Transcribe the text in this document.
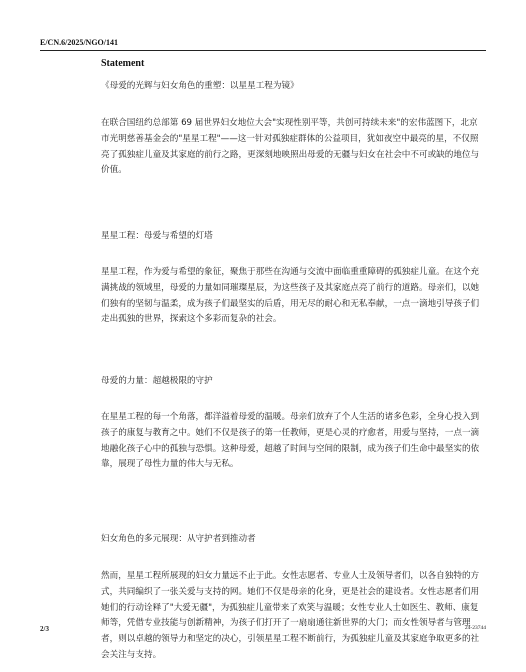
E/CN.6/2025/NGO/141
Statement

《母爱的光辉与妇女角色的重塑：以星星工程为镜》

在联合国纽约总部第 69 届世界妇女地位大会"实现性别平等，共创可持续未来"的宏伟蓝图下，北京市光明慈善基金会的"星星工程"——这一针对孤独症群体的公益项目，犹如夜空中最亮的星，不仅照亮了孤独症儿童及其家庭的前行之路，更深刻地映照出母爱的无疆与妇女在社会中不可或缺的地位与价值。

星星工程：母爱与希望的灯塔

星星工程，作为爱与希望的象征，聚焦于那些在沟通与交流中面临重重障碍的孤独症儿童。在这个充满挑战的领域里，母爱的力量如同璀璨星辰，为这些孩子及其家庭点亮了前行的道路。母亲们，以她们独有的坚韧与温柔，成为孩子们最坚实的后盾，用无尽的耐心和无私奉献，一点一滴地引导孩子们走出孤独的世界，探索这个多彩而复杂的社会。

母爱的力量：超越极限的守护

在星星工程的每一个角落，都洋溢着母爱的温暖。母亲们放弃了个人生活的诸多色彩，全身心投入到孩子的康复与教育之中。她们不仅是孩子的第一任教师，更是心灵的疗愈者，用爱与坚持，一点一滴地融化孩子心中的孤独与恐惧。这种母爱，超越了时间与空间的限制，成为孩子们生命中最坚实的依靠，展现了母性力量的伟大与无私。

妇女角色的多元展现：从守护者到推动者

然而，星星工程所展现的妇女力量远不止于此。女性志愿者、专业人士及领导者们，以各自独特的方式，共同编织了一张关爱与支持的网。她们不仅是母亲的化身，更是社会的建设者。女性志愿者们用她们的行动诠释了"大爱无疆"，为孤独症儿童带来了欢笑与温暖；女性专业人士如医生、教师、康复师等，凭借专业技能与创新精神，为孩子们打开了一扇扇通往新世界的大门；而女性领导者与管理者，则以卓越的领导力和坚定的决心，引领星星工程不断前行，为孤独症儿童及其家庭争取更多的社会关注与支持。

2/3	24-23744
